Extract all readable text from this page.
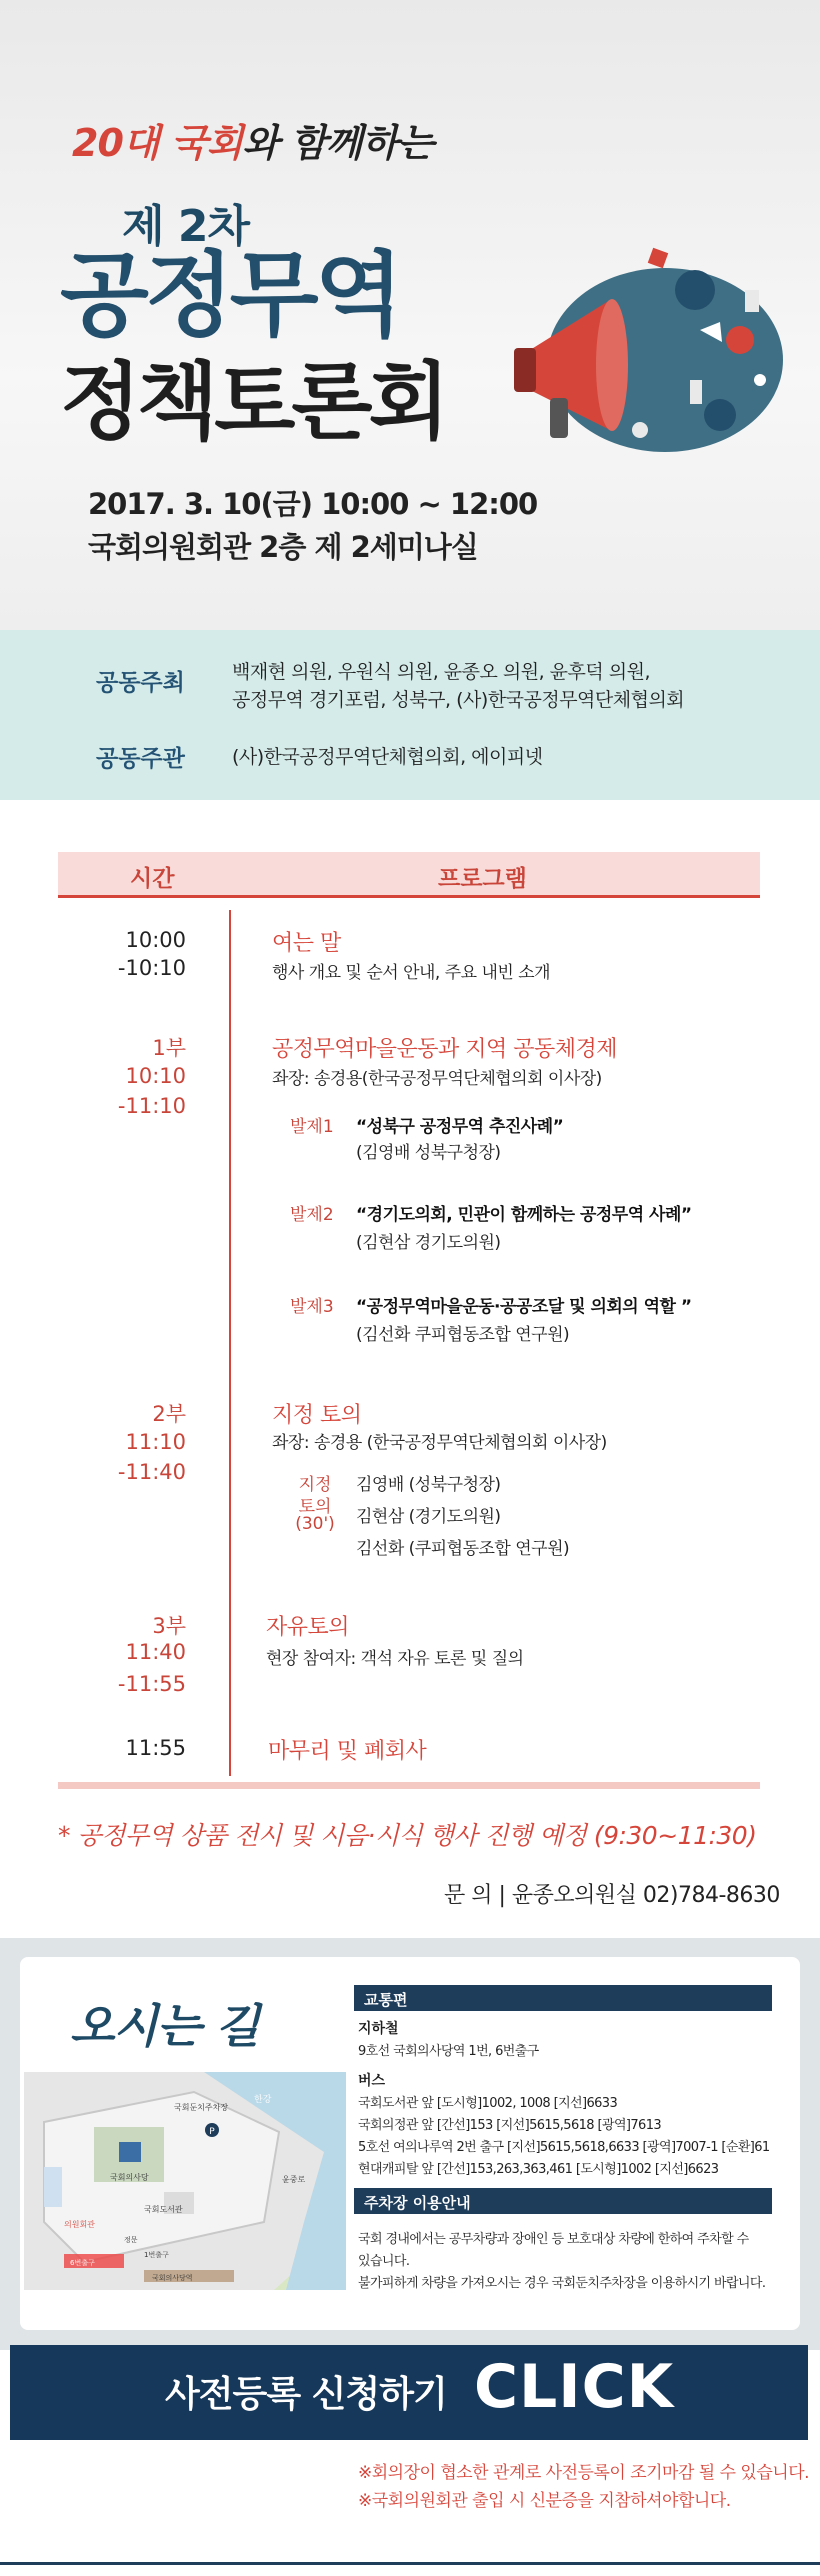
20대 국회와 함께하는
제 2차
공정무역
정책토론회
2017. 3. 10(금) 10:00 ~ 12:00
국회의원회관 2층 제 2세미나실
공동주최 백재현 의원, 우원식 의원, 윤종오 의원, 윤후덕 의원,
공정무역 경기포럼, 성북구, (사)한국공정무역단체협의회
공동주관 (사)한국공정무역단체협의회, 에이피넷
시간	프로그램
10:00
-10:10
여는 말
행사 개요 및 순서 안내, 주요 내빈 소개
1부
10:10
-11:10
공정무역마을운동과 지역 공동체경제
좌장: 송경용(한국공정무역단체협의회 이사장)
발제1 “성북구 공정무역 추진사례”
(김영배 성북구청장)
발제2 “경기도의회, 민관이 함께하는 공정무역 사례”
(김현삼 경기도의원)
발제3 “공정무역마을운동·공공조달 및 의회의 역할 ”
(김선화 쿠피협동조합 연구원)
2부
11:10
-11:40
지정 토의
좌장: 송경용 (한국공정무역단체협의회 이사장)
지정
토의
(30')
김영배 (성북구청장)
김현삼 (경기도의원)
김선화 (쿠피협동조합 연구원)
3부
11:40
-11:55
자유토의
현장 참여자: 객석 자유 토론 및 질의
11:55	마무리 및 폐회사
* 공정무역 상품 전시 및 시음·시식 행사 진행 예정 (9:30~11:30)
문 의 | 윤종오의원실 02)784-8630
오시는 길
P
국회둔치주차장
한강
윤중로
국회의사당
국회도서관
의원회관
6번출구
1번출구
국회의사당역
정문
교통편
지하철
9호선 국회의사당역 1번, 6번출구
버스
국회도서관 앞 [도시형]1002, 1008 [지선]6633
국회의정관 앞 [간선]153 [지선]5615,5618 [광역]7613
5호선 여의나루역 2번 출구 [지선]5615,5618,6633 [광역]7007-1 [순환]61
현대캐피탈 앞 [간선]153,263,363,461 [도시형]1002 [지선]6623
주차장 이용안내
국회 경내에서는 공무차량과 장애인 등 보호대상 차량에 한하여 주차할 수
있습니다.
불가피하게 차량을 가져오시는 경우 국회둔치주차장을 이용하시기 바랍니다.
사전등록 신청하기 CLICK
※회의장이 협소한 관계로 사전등록이 조기마감 될 수 있습니다.
※국회의원회관 출입 시 신분증을 지참하셔야합니다.
